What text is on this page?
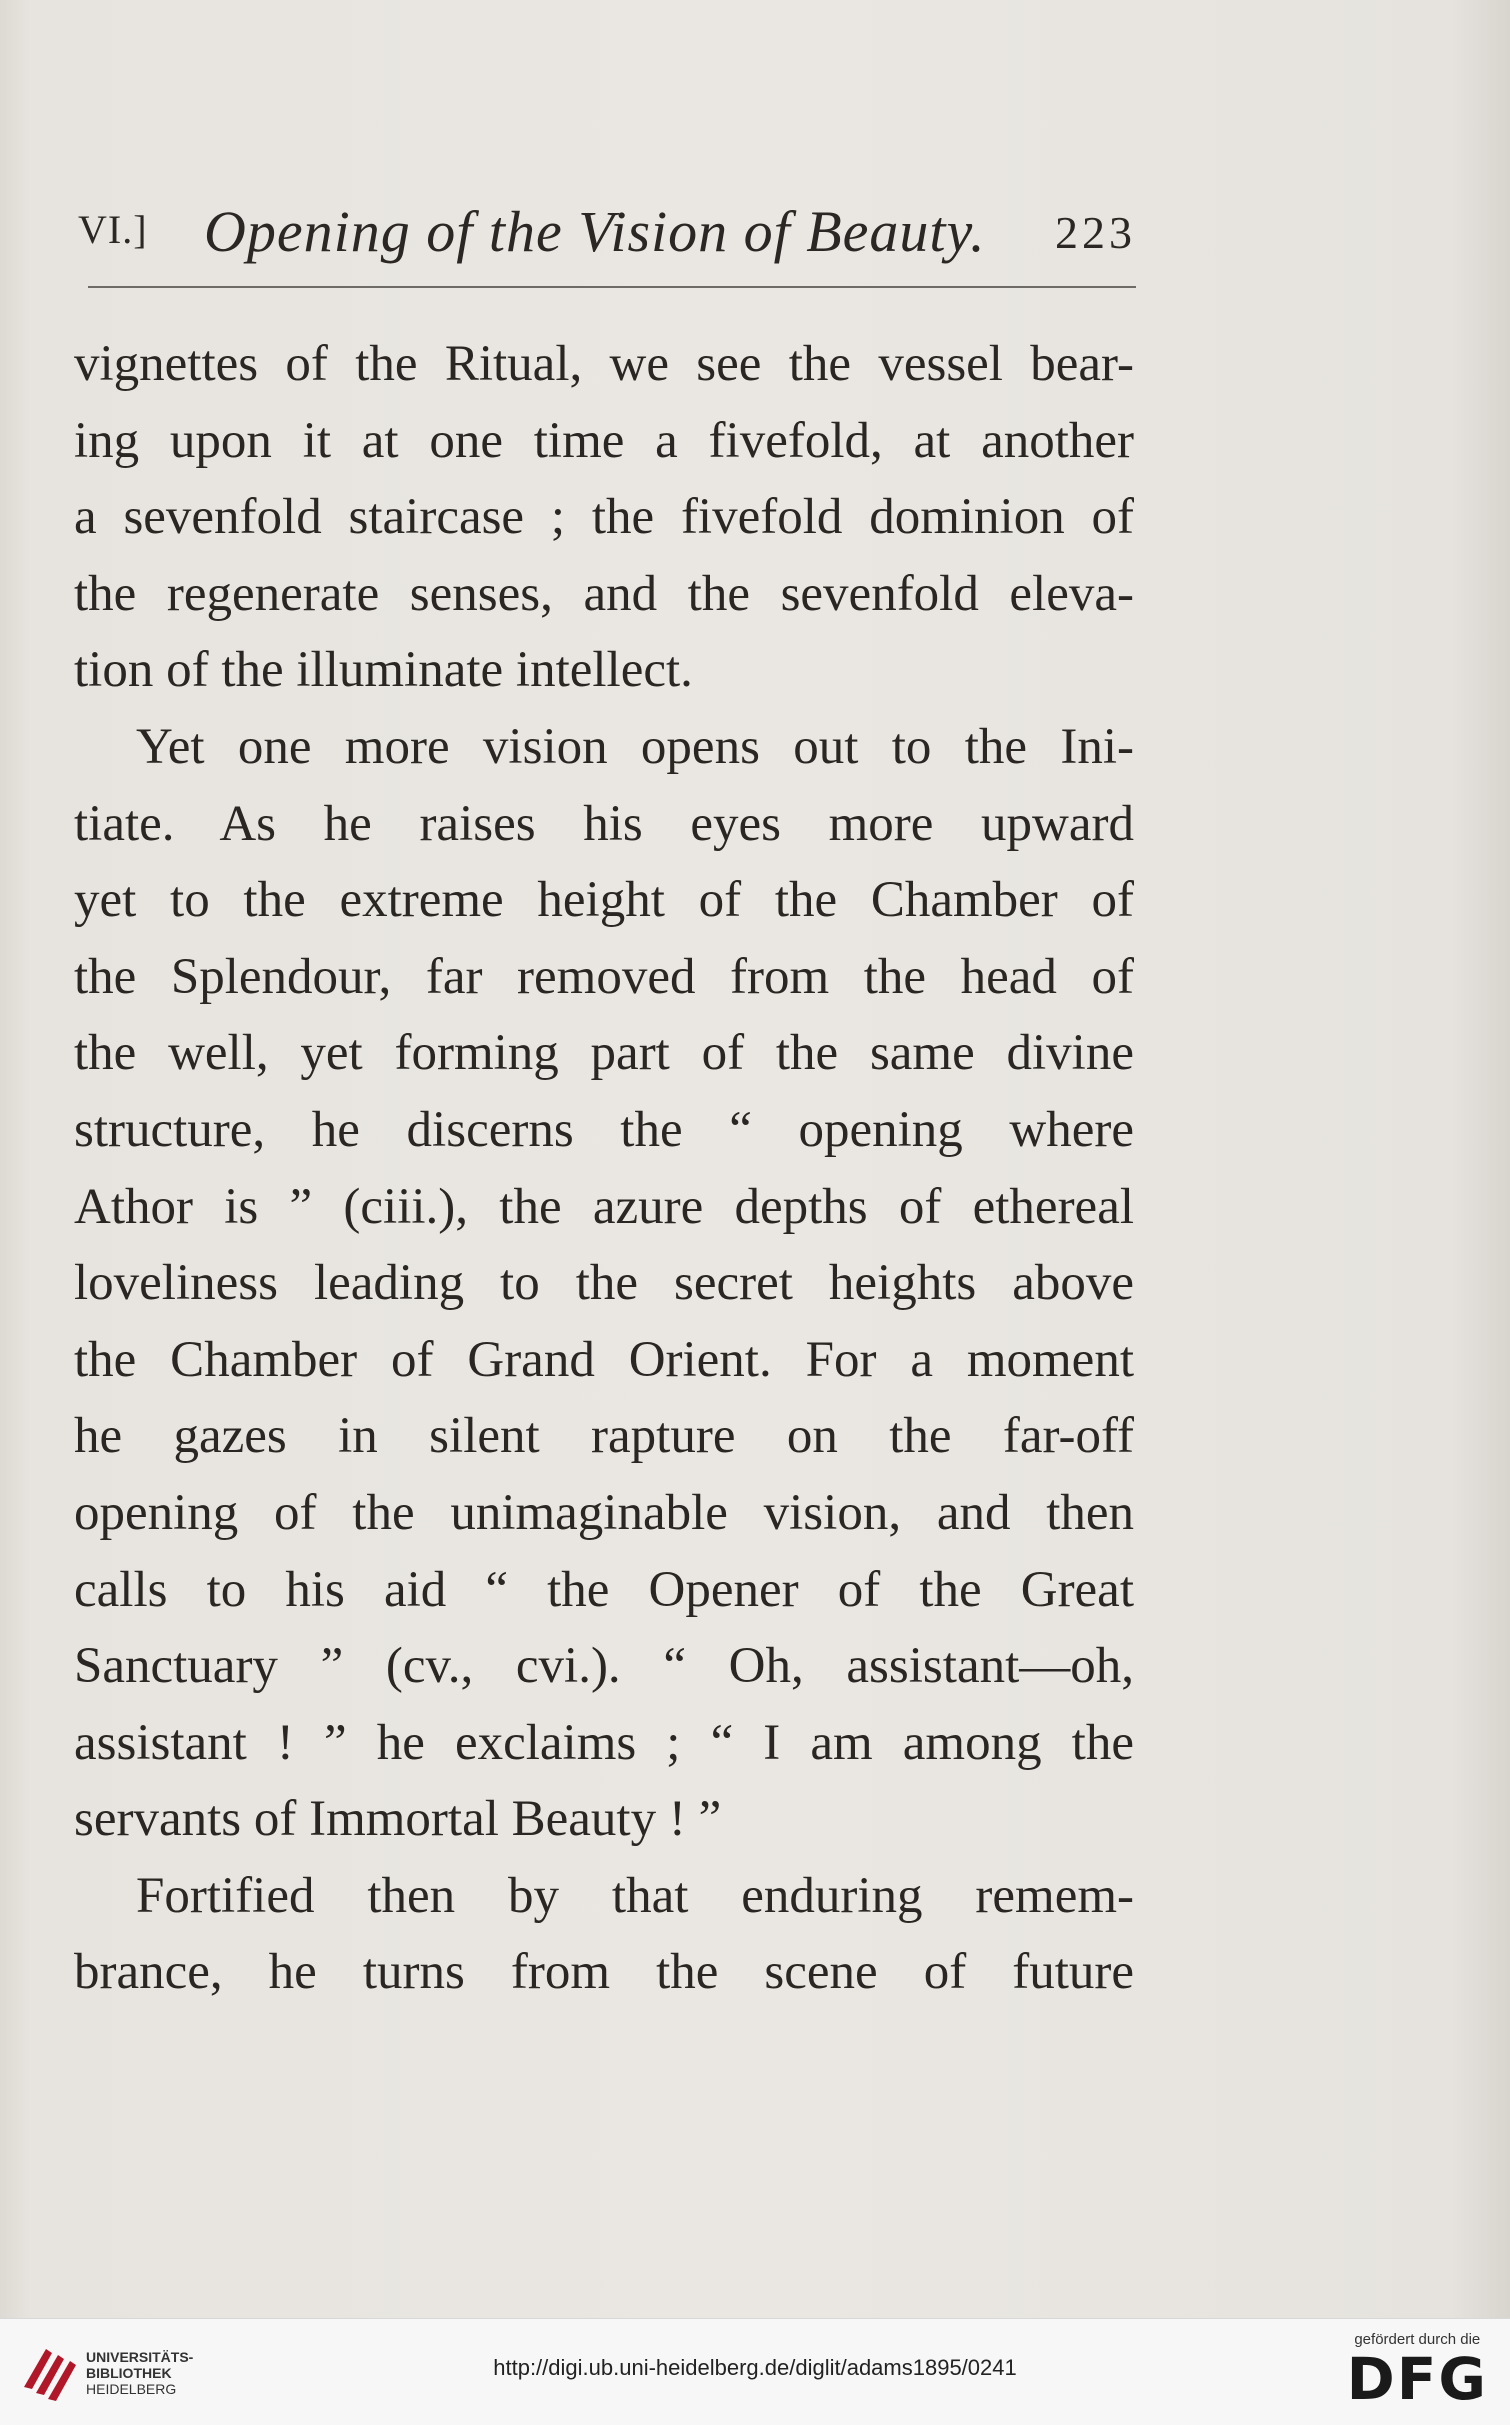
VI.] Opening of the Vision of Beauty. 223
vignettes of the Ritual, we see the vessel bear-
ing upon it at one time a fivefold, at another
a sevenfold staircase ; the fivefold dominion of
the regenerate senses, and the sevenfold eleva-
tion of the illuminate intellect.
Yet one more vision opens out to the Ini-
tiate. As he raises his eyes more upward
yet to the extreme height of the Chamber of
the Splendour, far removed from the head of
the well, yet forming part of the same divine
structure, he discerns the “ opening where
Athor is ” (ciii.), the azure depths of ethereal
loveliness leading to the secret heights above
the Chamber of Grand Orient. For a moment
he gazes in silent rapture on the far-off
opening of the unimaginable vision, and then
calls to his aid “ the Opener of the Great
Sanctuary ” (cv., cvi.). “ Oh, assistant—oh,
assistant ! ” he exclaims ; “ I am among the
servants of Immortal Beauty ! ”
Fortified then by that enduring remem-
brance, he turns from the scene of future
UNIVERSITÄTS-
BIBLIOTHEK
HEIDELBERG
http://digi.ub.uni-heidelberg.de/diglit/adams1895/0241
gefördert durch die
DFG
